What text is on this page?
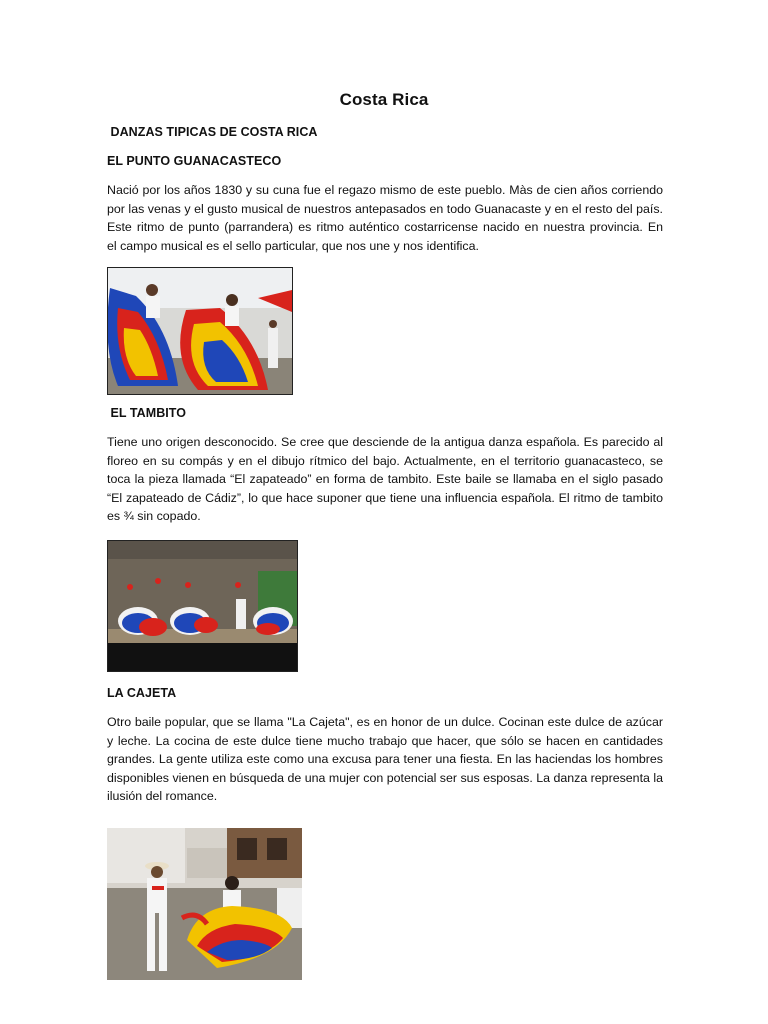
Costa Rica
DANZAS TIPICAS DE COSTA RICA
EL PUNTO GUANACASTECO
Nació por los años 1830 y su cuna fue el regazo mismo de este pueblo. Màs de cien años corriendo
por las venas y el gusto musical de nuestros antepasados en todo Guanacaste y en el resto del país.
Este ritmo de punto (parrandera) es ritmo auténtico costarricense nacido en nuestra provincia. En
el campo musical es el sello particular, que nos une y nos identifica.
EL TAMBITO
Tiene uno origen desconocido. Se cree que desciende de la antigua danza española. Es parecido al
floreo en su compás y en el dibujo rítmico del bajo. Actualmente, en el territorio guanacasteco, se
toca la pieza llamada “El zapateado” en forma de tambito. Este baile se llamaba en el siglo pasado
“El zapateado de Cádiz”, lo que hace suponer que tiene una influencia española. El ritmo de tambito
es ¾ sin copado.
LA CAJETA
Otro baile popular, que se llama "La Cajeta", es en honor de un dulce. Cocinan este dulce de azúcar
y leche. La cocina de este dulce tiene mucho trabajo que hacer, que sólo se hacen en cantidades
grandes. La gente utiliza este como una excusa para tener una fiesta. En las haciendas los hombres
disponibles vienen en búsqueda de una mujer con potencial ser sus esposas. La danza representa la
ilusión del romance.
